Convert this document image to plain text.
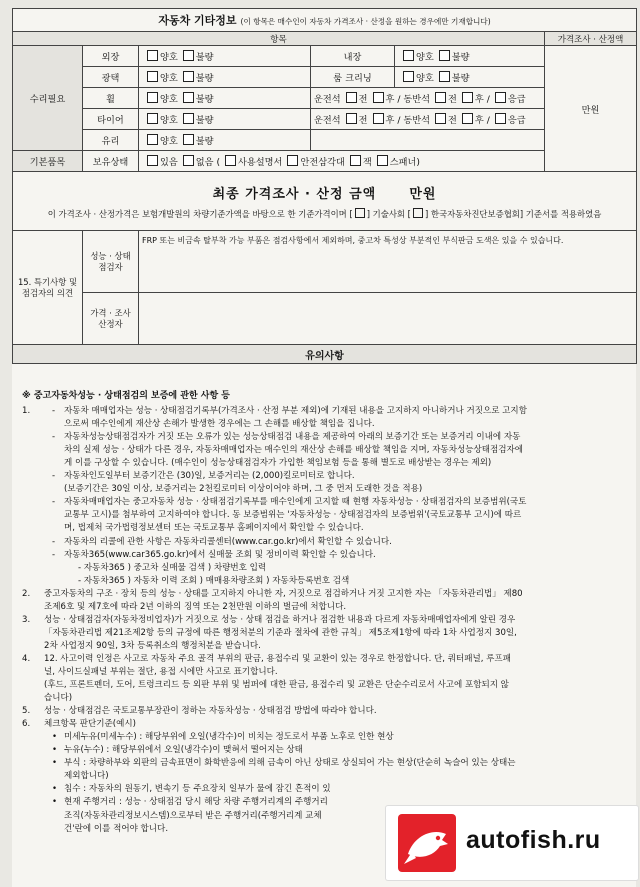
자동차 기타정보 (이 항목은 매수인이 자동차 가격조사 · 산정을 원하는 경우에만 기재합니다)					
항목					가격조사 · 산정액
수리필요	외장	양호 불량	내장	양호 불량	만원
	광택	양호 불량	룸 크리닝	양호 불량	
	휠	양호 불량	운전석 전 후 / 동반석 전 후 / 응급		
	타이어	양호 불량	운전석 전 후 / 동반석 전 후 / 응급		
	유리	양호 불량			
기본품목	보유상태	있음 없음 ( 사용설명서 안전삼각대 잭 스패너)			

최종 가격조사 · 산정 금액 만원
이 가격조사 · 산정가격은 보험개발원의 차량기준가액을 바탕으로 한 기준가격이며 [ ] 기술사회 [ ] 한국자동차진단보증협회] 기준서를 적용하였음					

15. 특기사항 및 점검자의 의견	성능 · 상태 점검자	FRP 또는 비금속 탈부착 가능 부품은 점검사항에서 제외하며, 중고차 특성상 부분적인 부식판금 도색은 있을 수 있습니다.			
	가격 · 조사 산정자				
유의사항					
※ 중고자동차성능 · 상태점검의 보증에 관한 사항 등
1.	- 자동차 매매업자는 성능 · 상태점검기록부(가격조사 · 산정 부분 제외)에 기재된 내용을 고지하지 아니하거나 거짓으로 고지함
으로써 매수인에게 재산상 손해가 발생한 경우에는 그 손해를 배상할 책임을 집니다.
- 자동차성능상태점검자가 거짓 또는 오류가 있는 성능상태점검 내용을 제공하여 아래의 보증기간 또는 보증거리 이내에 자동
차의 실제 성능 · 상태가 다른 경우, 자동차매매업자는 매수인의 재산상 손해를 배상할 책임을 지며, 자동차성능상태점검자에
게 이를 구상할 수 있습니다. (매수인이 성능상태점검자가 가입한 책임보험 등을 통해 별도로 배상받는 경우는 제외)
- 자동차인도일부터 보증기간은 (30)일, 보증거리는 (2,000)킬로미터로 합니다.
(보증기간은 30일 이상, 보증거리는 2천킬로미터 이상이어야 하며, 그 중 먼저 도래한 것을 적용)
- 자동차매매업자는 중고자동차 성능 · 상태점검기록부를 매수인에게 고지할 때 현행 자동차성능 · 상태점검자의 보증범위(국토
교통부 고시)를 첨부하여 고지하여야 합니다. 동 보증범위는 '자동차성능 · 상태점검자의 보증범위'(국토교통부 고시)에 따르
며, 법제처 국가법령정보센터 또는 국토교통부 홈페이지에서 확인할 수 있습니다.
- 자동차의 리콜에 관한 사항은 자동차리콜센터(www.car.go.kr)에서 확인할 수 있습니다.
- 자동차365(www.car365.go.kr)에서 실매물 조회 및 정비이력 확인할 수 있습니다.
- 자동차365 ) 중고차 실매물 검색 ) 차량번호 입력
- 자동차365 ) 자동차 이력 조회 ) 매매용차량조회 ) 자동차등록번호 검색
2. 중고자동차의 구조 · 장치 등의 성능 · 상태를 고지하지 아니한 자, 거짓으로 점검하거나 거짓 고지한 자는 「자동차관리법」 제80
조제6호 및 제7호에 따라 2년 이하의 징역 또는 2천만원 이하의 벌금에 처합니다.
3. 성능 · 상태점검자(자동차정비업자)가 거짓으로 성능 · 상태 점검을 하거나 점검한 내용과 다르게 자동차매매업자에게 알린 경우
「자동차관리법 제21조제2항 등의 규정에 따른 행정처분의 기준과 절차에 관한 규칙」 제5조제1항에 따라 1차 사업정지 30일,
2차 사업정지 90일, 3차 등록취소의 행정처분을 받습니다.
4. 12. 사고이력 인정은 사고로 자동차 주요 골격 부위의 판금, 용접수리 및 교환이 있는 경우로 한정합니다. 단, 쿼터패널, 루프패
널, 사이드실패널 부위는 절단, 용접 시에만 사고로 표기합니다.
(후드, 프론트펜더, 도어, 트렁크리드 등 외판 부위 및 범퍼에 대한 판금, 용접수리 및 교환은 단순수리로서 사고에 포함되지 않
습니다)
5. 성능 · 상태점검은 국토교통부장관이 정하는 자동차성능 · 상태점검 방법에 따라야 합니다.
6. 체크항목 판단기준(예시)
• 미세누유(미세누수) : 해당부위에 오일(냉각수)이 비치는 정도로서 부품 노후로 인한 현상
• 누유(누수) : 해당부위에서 오일(냉각수)이 맺혀서 떨어지는 상태
• 부식 : 차량하부와 외판의 금속표면이 화학반응에 의해 금속이 아닌 상태로 상실되어 가는 현상(단순히 녹슬어 있는 상태는
제외합니다)
• 침수 : 자동차의 원동기, 변속기 등 주요장치 일부가 물에 잠긴 흔적이 있
• 현재 주행거리 : 성능 · 상태점검 당시 해당 차량 주행거리계의 주행거리
조직(자동차관리정보시스템)으로부터 받은 주행거리(주행거리계 교체
건'란에 이를 적어야 합니다.	autofish.ru
